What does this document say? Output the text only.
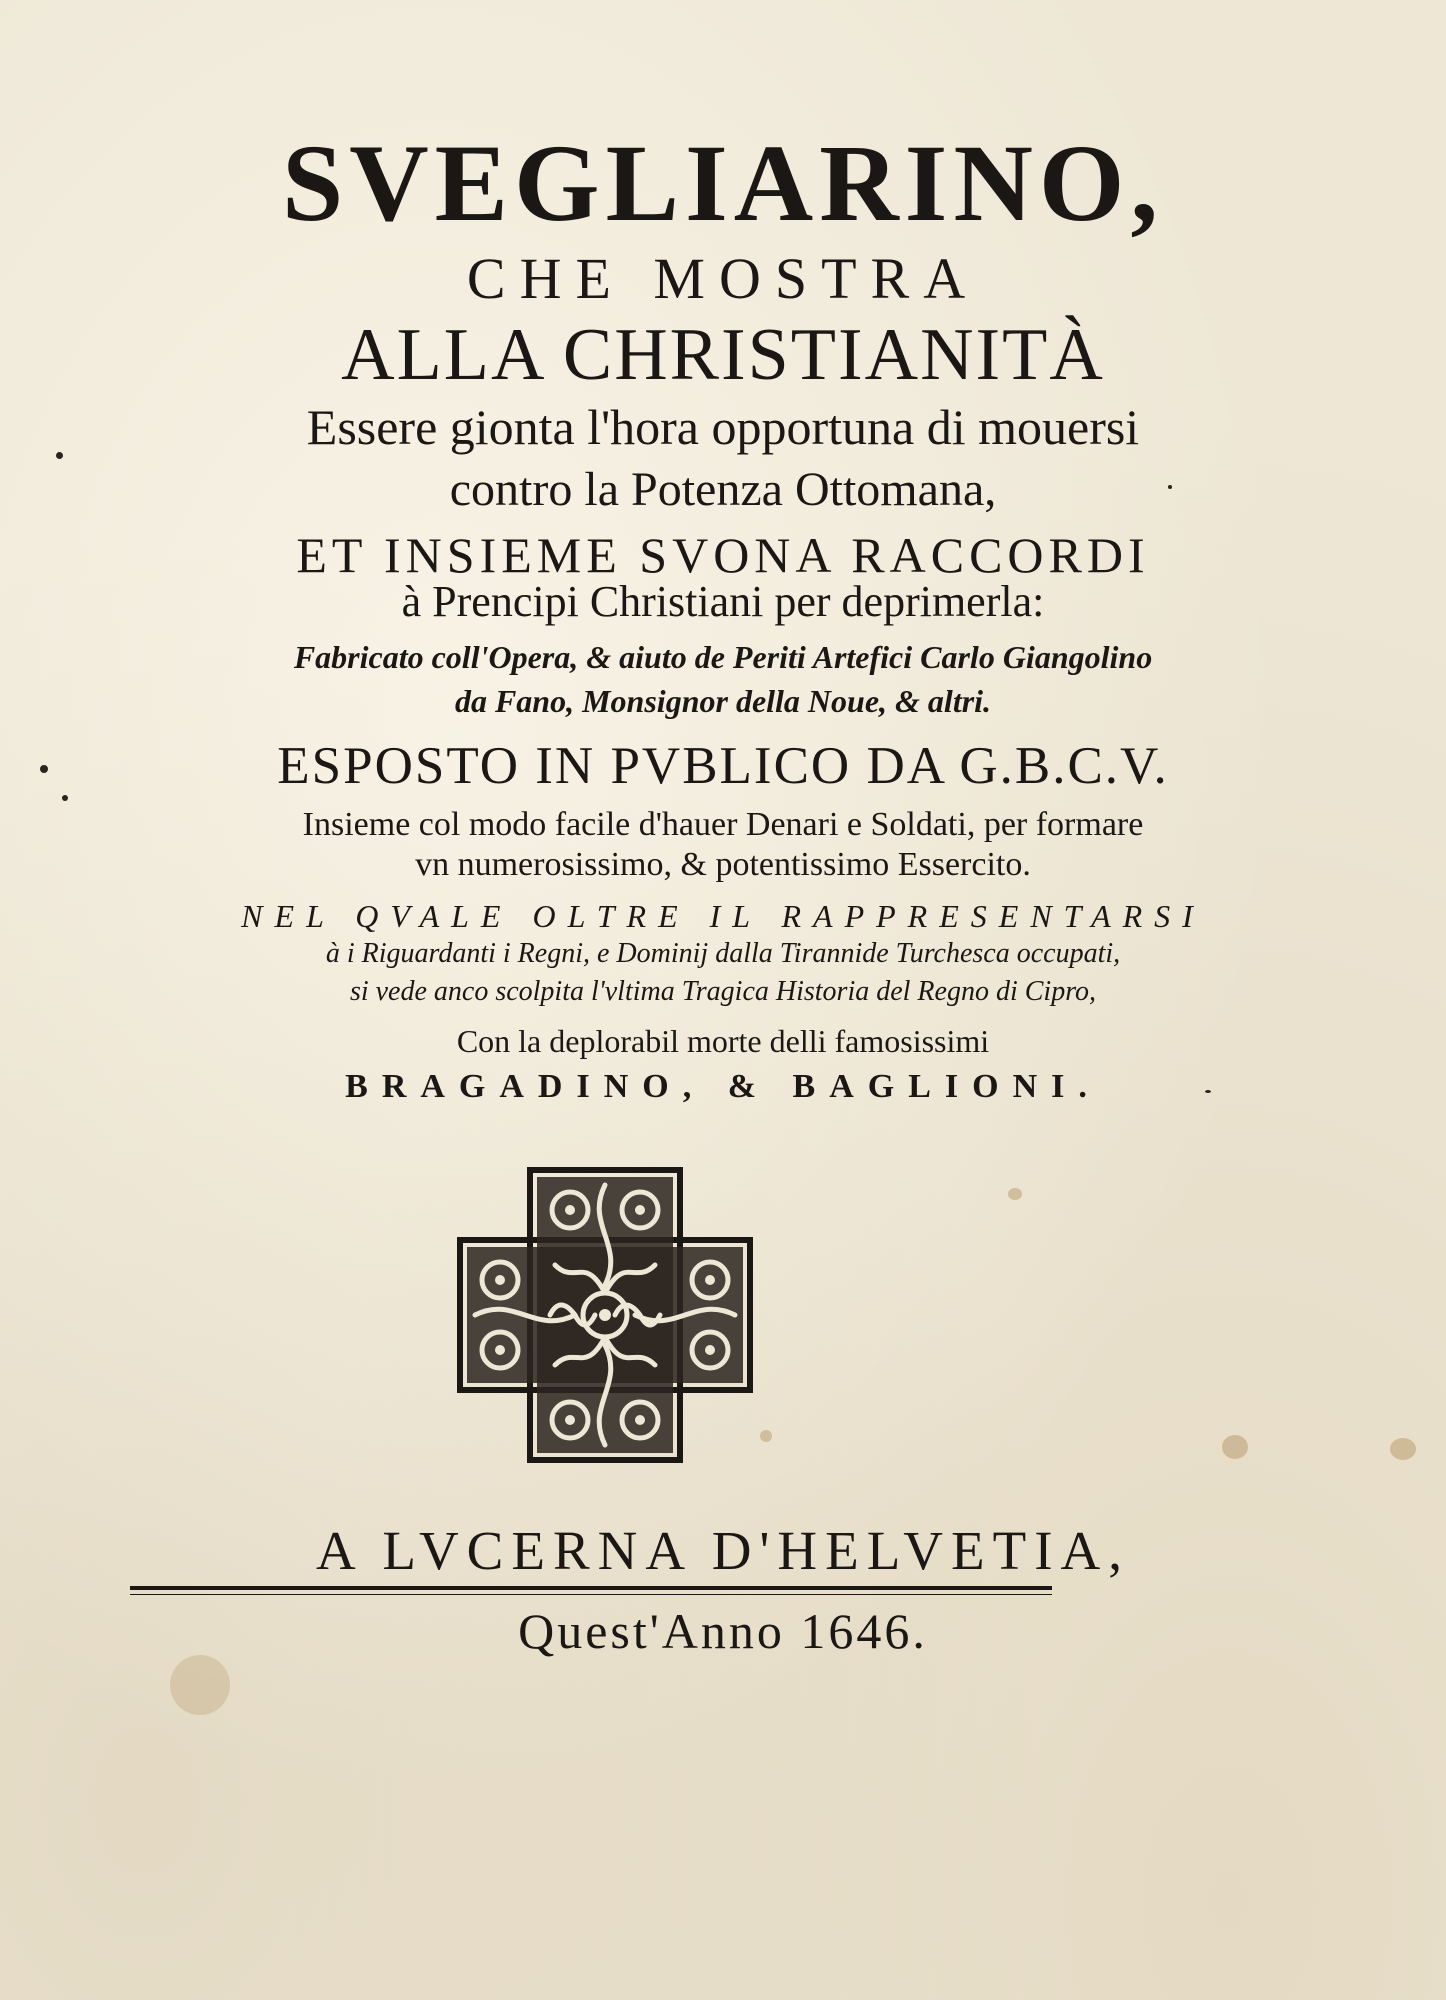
SVEGLIARINO,
CHE MOSTRA
ALLA CHRISTIANITÀ
Essere gionta l'hora opportuna di mouersi
contro la Potenza Ottomana,
ET INSIEME SVONA RACCORDI
à Prencipi Christiani per deprimerla:
Fabricato coll'Opera, & aiuto de Periti Artefici Carlo Giangolino
da Fano, Monsignor della Noue, & altri.
ESPOSTO IN PVBLICO DA G.B.C.V.
Insieme col modo facile d'hauer Denari e Soldati, per formare
vn numerosissimo, & potentissimo Essercito.
NEL QVALE OLTRE IL RAPPRESENTARSI
à i Riguardanti i Regni, e Dominij dalla Tirannide Turchesca occupati,
si vede anco scolpita l'vltima Tragica Historia del Regno di Cipro,
Con la deplorabil morte delli famosissimi
BRAGADINO, & BAGLIONI.
A LVCERNA D'HELVETIA,
Quest'Anno 1646.
